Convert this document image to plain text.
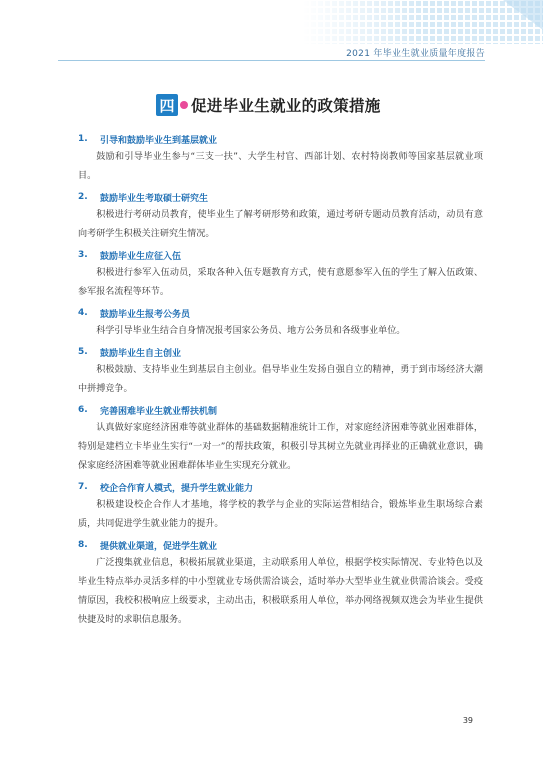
2021 年毕业生就业质量年度报告
四 促进毕业生就业的政策措施
1.	引导和鼓励毕业生到基层就业

鼓励和引导毕业生参与“三支一扶”、大学生村官、西部计划、农村特岗教师等国家基层就业项目。

2.	鼓励毕业生考取硕士研究生

积极进行考研动员教育，使毕业生了解考研形势和政策，通过考研专题动员教育活动，动员有意向考研学生积极关注研究生情况。

3.	鼓励毕业生应征入伍

积极进行参军入伍动员，采取各种入伍专题教育方式，使有意愿参军入伍的学生了解入伍政策、参军报名流程等环节。

4.	鼓励毕业生报考公务员

科学引导毕业生结合自身情况报考国家公务员、地方公务员和各级事业单位。

5.	鼓励毕业生自主创业

积极鼓励、支持毕业生到基层自主创业。倡导毕业生发扬自强自立的精神，勇于到市场经济大潮中拼搏竞争。

6.	完善困难毕业生就业帮扶机制

认真做好家庭经济困难等就业群体的基础数据精准统计工作，对家庭经济困难等就业困难群体，特别是建档立卡毕业生实行“一对一”的帮扶政策，积极引导其树立先就业再择业的正确就业意识，确保家庭经济困难等就业困难群体毕业生实现充分就业。

7.	校企合作育人模式，提升学生就业能力

积极建设校企合作人才基地，将学校的教学与企业的实际运营相结合，锻炼毕业生职场综合素质，共同促进学生就业能力的提升。

8.	提供就业渠道，促进学生就业

广泛搜集就业信息，积极拓展就业渠道，主动联系用人单位，根据学校实际情况、专业特色以及毕业生特点举办灵活多样的中小型就业专场供需洽谈会，适时举办大型毕业生就业供需洽谈会。受疫情原因，我校积极响应上级要求，主动出击，积极联系用人单位，举办网络视频双选会为毕业生提供快捷及时的求职信息服务。

39
